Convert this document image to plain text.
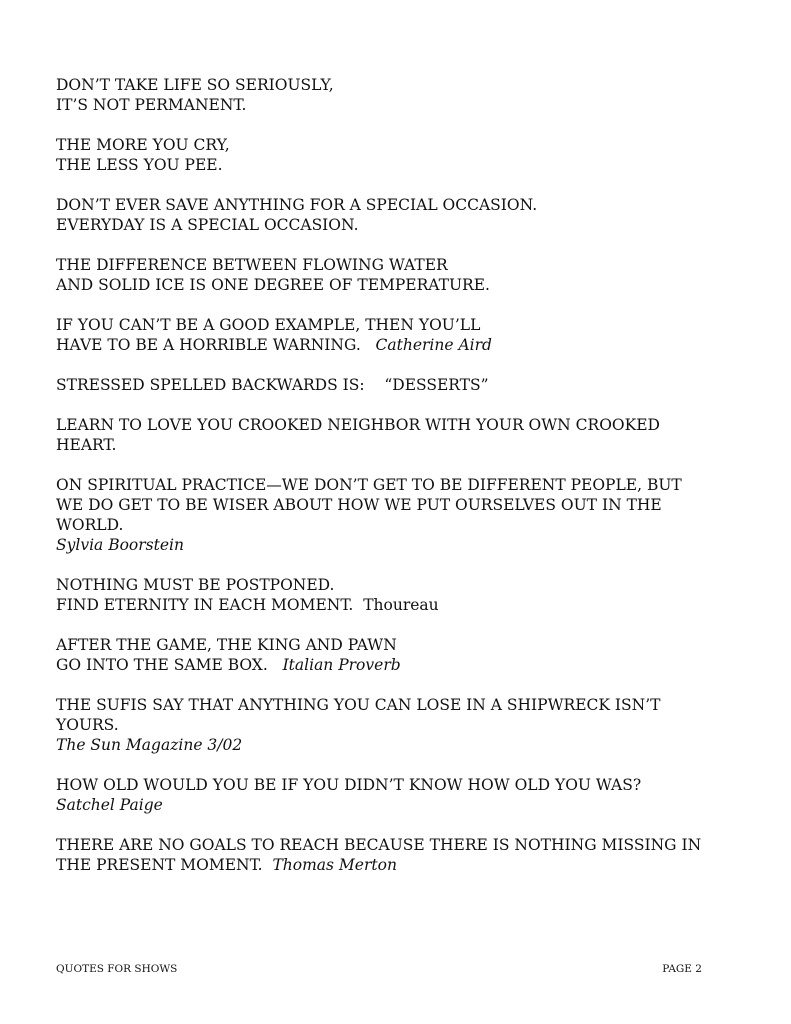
DON’T TAKE LIFE SO SERIOUSLY,
IT’S NOT PERMANENT.
THE MORE YOU CRY,
THE LESS YOU PEE.
DON’T EVER SAVE ANYTHING FOR A SPECIAL OCCASION.
EVERYDAY IS A SPECIAL OCCASION.
THE DIFFERENCE BETWEEN FLOWING WATER
AND SOLID ICE IS ONE DEGREE OF TEMPERATURE.
IF YOU CAN’T BE A GOOD EXAMPLE, THEN YOU’LL
HAVE TO BE A HORRIBLE WARNING. Catherine Aird
STRESSED SPELLED BACKWARDS IS: “DESSERTS”
LEARN TO LOVE YOU CROOKED NEIGHBOR WITH YOUR OWN CROOKED
HEART.
ON SPIRITUAL PRACTICE—WE DON’T GET TO BE DIFFERENT PEOPLE, BUT
WE DO GET TO BE WISER ABOUT HOW WE PUT OURSELVES OUT IN THE
WORLD.
Sylvia Boorstein
NOTHING MUST BE POSTPONED.
FIND ETERNITY IN EACH MOMENT. Thoureau
AFTER THE GAME, THE KING AND PAWN
GO INTO THE SAME BOX. Italian Proverb
THE SUFIS SAY THAT ANYTHING YOU CAN LOSE IN A SHIPWRECK ISN’T
YOURS.
The Sun Magazine 3/02
HOW OLD WOULD YOU BE IF YOU DIDN’T KNOW HOW OLD YOU WAS?
Satchel Paige
THERE ARE NO GOALS TO REACH BECAUSE THERE IS NOTHING MISSING IN
THE PRESENT MOMENT. Thomas Merton
QUOTES FOR SHOWS	PAGE 2
